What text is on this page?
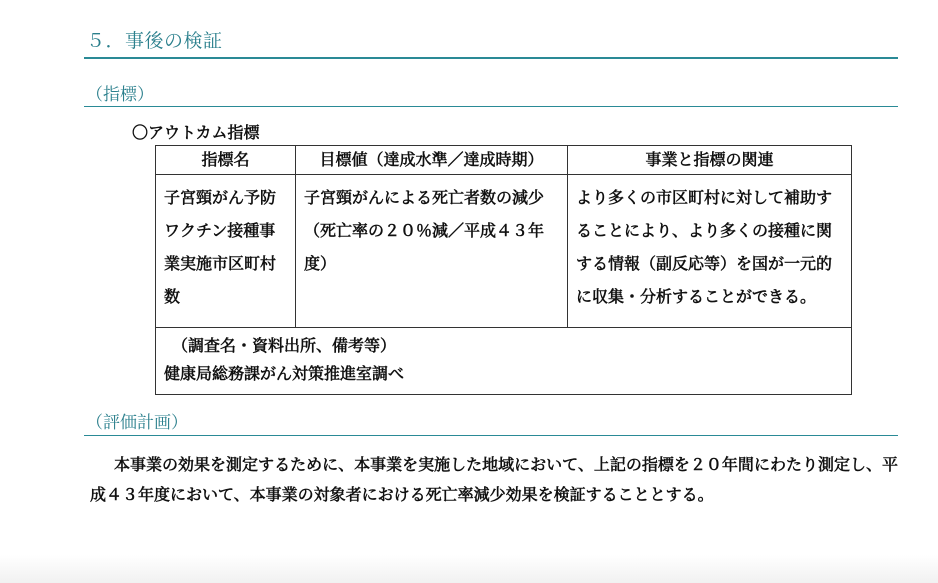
５．事後の検証
（指標）
〇アウトカム指標
指標名	目標値（達成水準／達成時期）	事業と指標の関連
子宮頸がん予防ワクチン接種事業実施市区町村数	子宮頸がんによる死亡者数の減少（死亡率の２０％減／平成４３年度）	より多くの市区町村に対して補助することにより、より多くの接種に関する情報（副反応等）を国が一元的に収集・分析することができる。

（調査名・資料出所、備考等）
健康局総務課がん対策推進室調べ		
（評価計画）
本事業の効果を測定するために、本事業を実施した地域において、上記の指標を２０年間にわたり測定し、平成４３年度において、本事業の対象者における死亡率減少効果を検証することとする。
